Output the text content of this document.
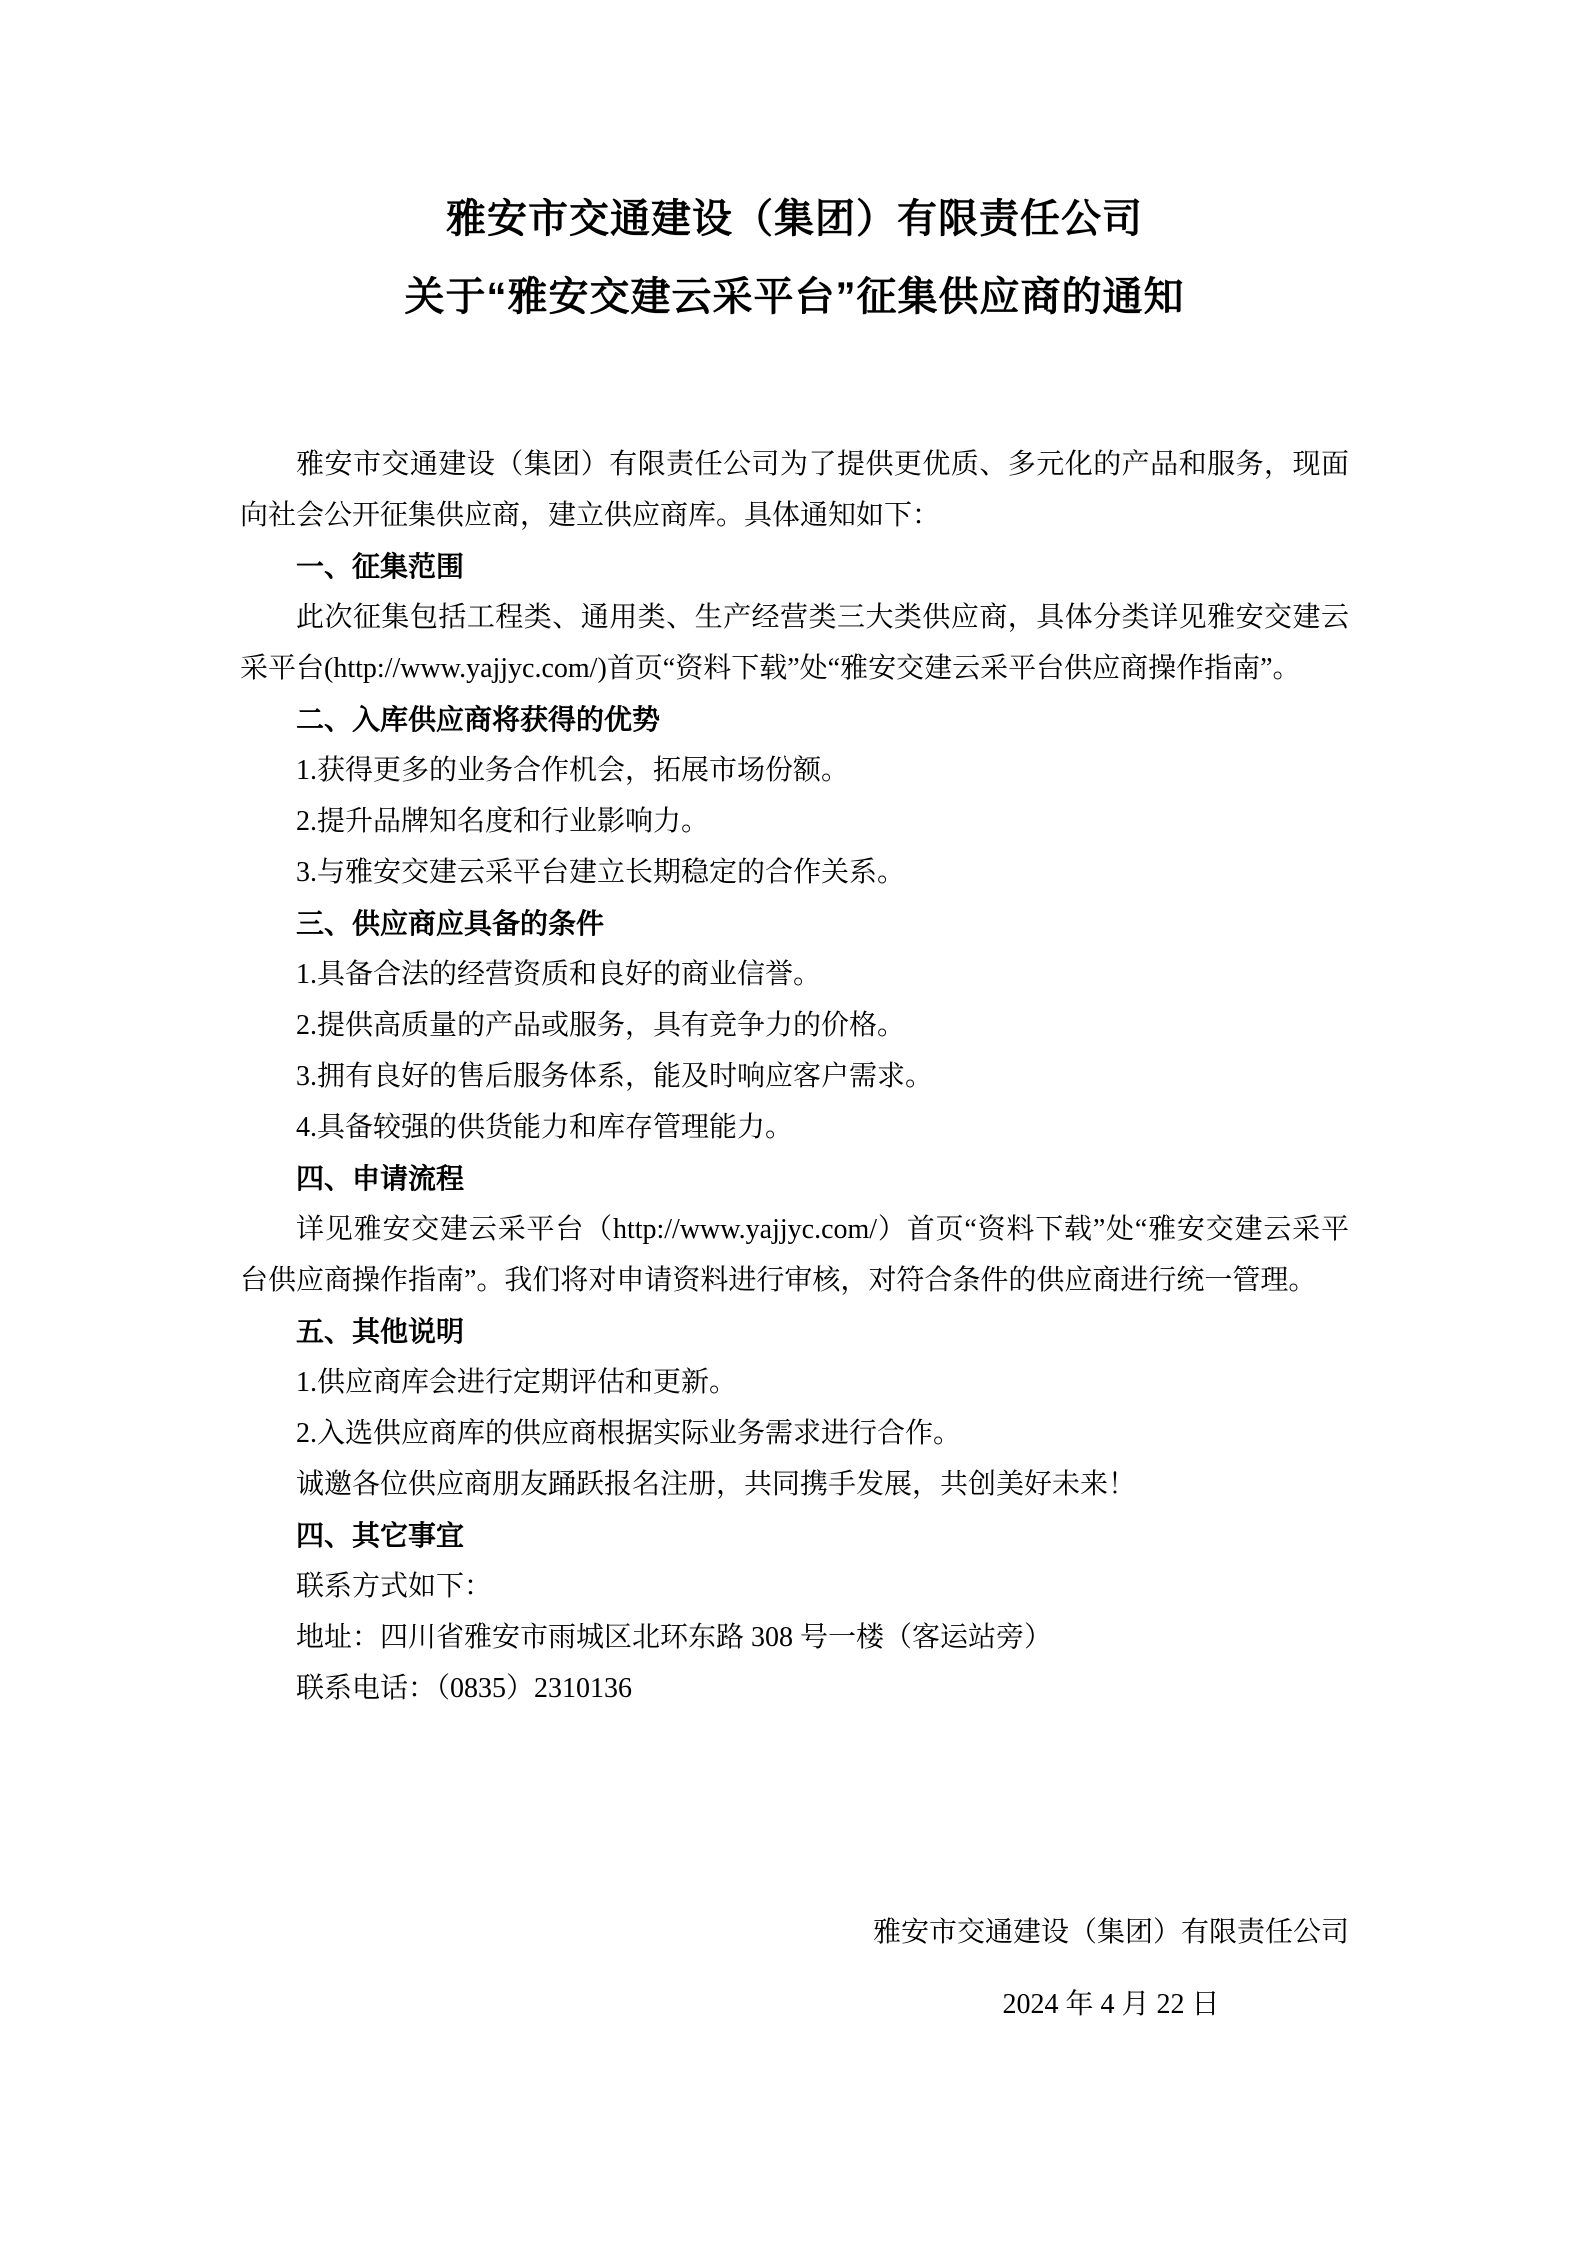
雅安市交通建设（集团）有限责任公司
关于“雅安交建云采平台”征集供应商的通知

雅安市交通建设（集团）有限责任公司为了提供更优质、多元化的产品和服务，现面向社会公开征集供应商，建立供应商库。具体通知如下：

一、征集范围

此次征集包括工程类、通用类、生产经营类三大类供应商，具体分类详见雅安交建云采平台(http://www.yajjyc.com/)首页“资料下载”处“雅安交建云采平台供应商操作指南”。

二、入库供应商将获得的优势

1.获得更多的业务合作机会，拓展市场份额。

2.提升品牌知名度和行业影响力。

3.与雅安交建云采平台建立长期稳定的合作关系。

三、供应商应具备的条件

1.具备合法的经营资质和良好的商业信誉。

2.提供高质量的产品或服务，具有竞争力的价格。

3.拥有良好的售后服务体系，能及时响应客户需求。

4.具备较强的供货能力和库存管理能力。

四、申请流程

详见雅安交建云采平台（http://www.yajjyc.com/）首页“资料下载”处“雅安交建云采平台供应商操作指南”。我们将对申请资料进行审核，对符合条件的供应商进行统一管理。

五、其他说明

1.供应商库会进行定期评估和更新。

2.入选供应商库的供应商根据实际业务需求进行合作。

诚邀各位供应商朋友踊跃报名注册，共同携手发展，共创美好未来！

四、其它事宜

联系方式如下：

地址：四川省雅安市雨城区北环东路 308 号一楼（客运站旁）

联系电话：（0835）2310136

雅安市交通建设（集团）有限责任公司

2024 年 4 月 22 日
